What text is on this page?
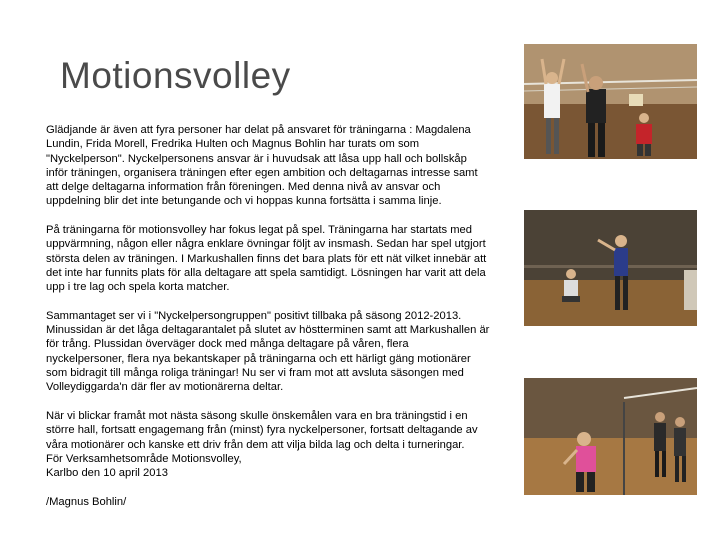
Motionsvolley

Glädjande är även att fyra personer har delat på ansvaret för träningarna : Magdalena
Lundin, Frida Morell, Fredrika Hulten och Magnus Bohlin har turats om som
"Nyckelperson". Nyckelpersonens ansvar är i huvudsak att låsa upp hall och bollskåp
inför träningen, organisera träningen efter egen ambition och deltagarnas intresse samt
att delge deltagarna information från föreningen. Med denna nivå av ansvar och
uppdelning blir det inte betungande och vi hoppas kunna fortsätta i samma linje.

På träningarna för motionsvolley har fokus legat på spel. Träningarna har startats med
uppvärmning, någon eller några enklare övningar följt av insmash. Sedan har spel utgjort
största delen av träningen. I Markushallen finns det bara plats för ett nät vilket innebär att
det inte har funnits plats för alla deltagare att spela samtidigt. Lösningen har varit att dela
upp i tre lag och spela korta matcher.

Sammantaget ser vi i "Nyckelpersongruppen" positivt tillbaka på säsong 2012-2013.
Minussidan är det låga deltagarantalet på slutet av höstterminen samt att Markushallen är
för trång. Plussidan överväger dock med många deltagare på våren, flera
nyckelpersoner, flera nya bekantskaper på träningarna och ett härligt gäng motionärer
som bidragit till många roliga träningar! Nu ser vi fram mot att avsluta säsongen med
Volleydiggarda'n där fler av motionärerna deltar.

När vi blickar framåt mot nästa säsong skulle önskemålen vara en bra träningstid i en
större hall, fortsatt engagemang från (minst) fyra nyckelpersoner, fortsatt deltagande av
våra motionärer och kanske ett driv från dem att vilja bilda lag och delta i turneringar.
För Verksamhetsområde Motionsvolley,
Karlbo den 10 april 2013

/Magnus Bohlin/
